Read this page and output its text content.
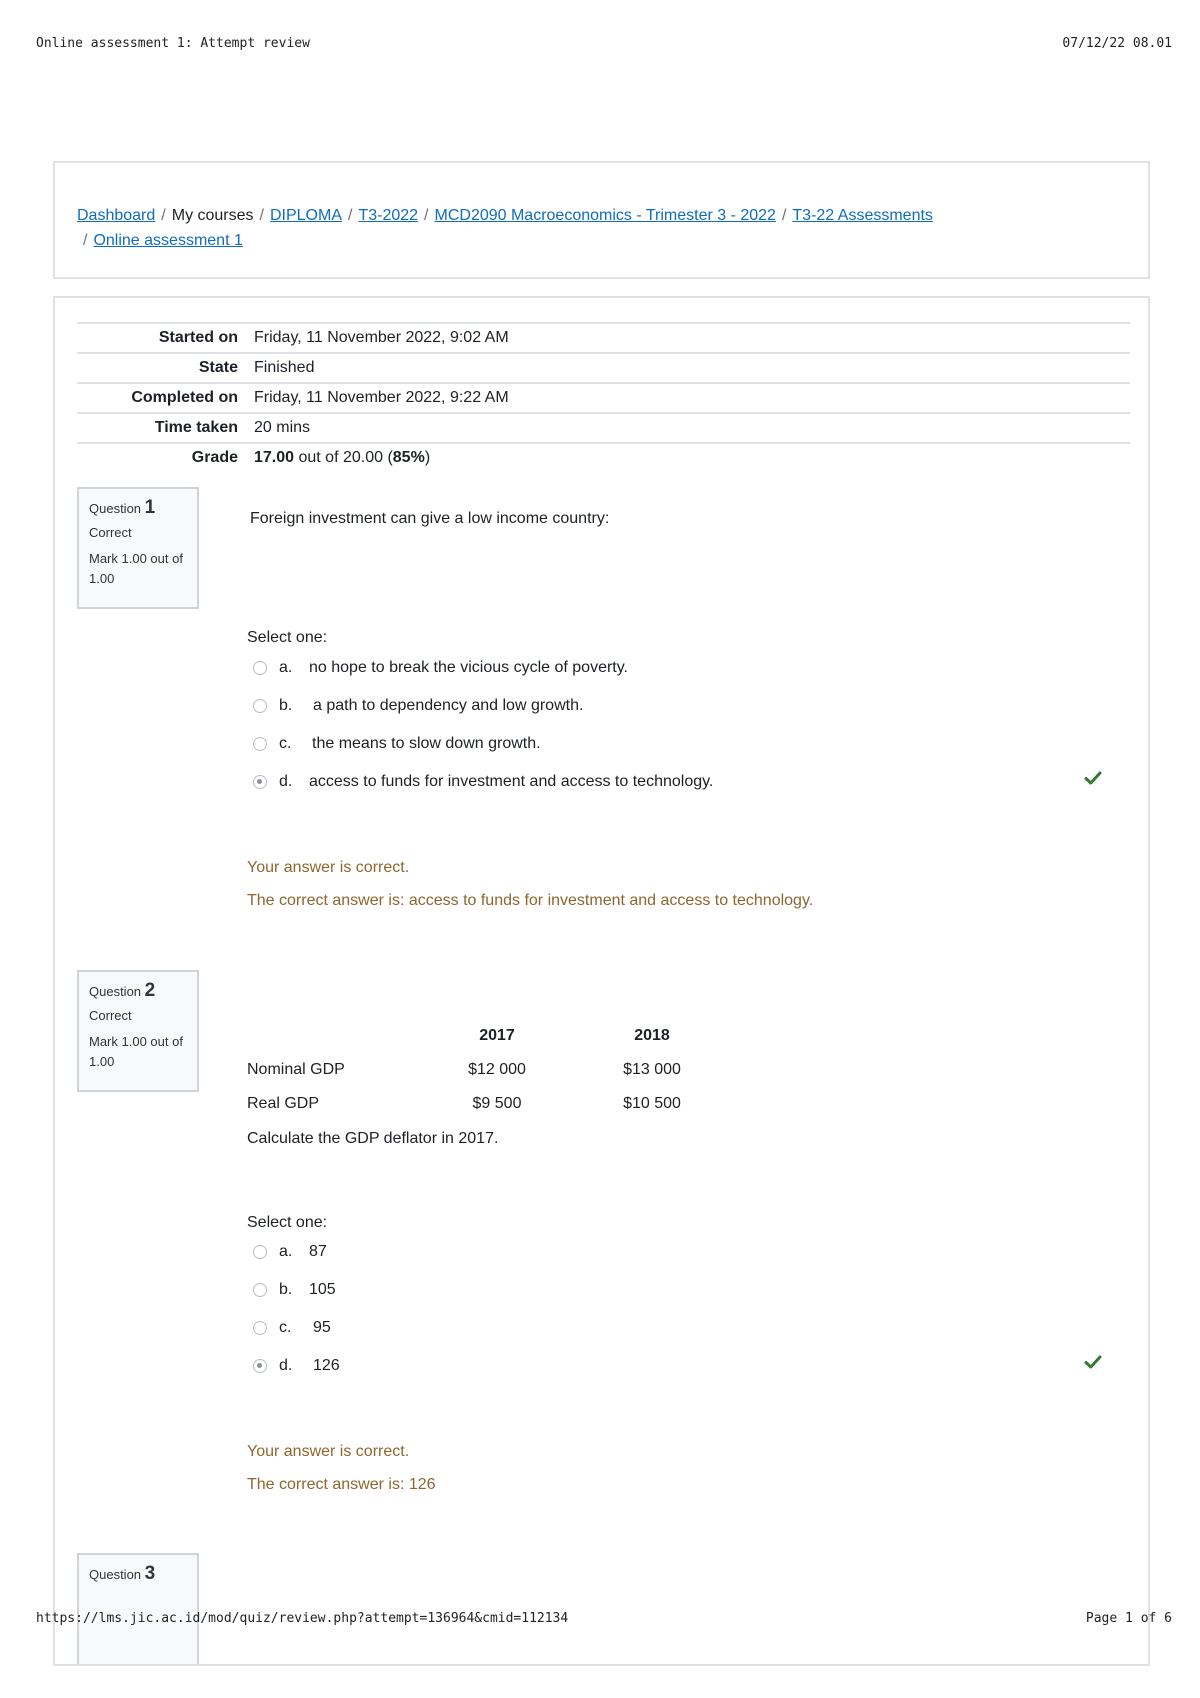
Online assessment 1: Attempt review	07/12/22 08.01
Dashboard / My courses / DIPLOMA / T3-2022 / MCD2090 Macroeconomics - Trimester 3 - 2022 / T3-22 Assessments
/ Online assessment 1
Started on	Friday, 11 November 2022, 9:02 AM
State	Finished
Completed on	Friday, 11 November 2022, 9:22 AM
Time taken	20 mins
Grade	17.00 out of 20.00 (85%)
Question 1
Correct
Mark 1.00 out of 1.00
Foreign investment can give a low income country:
Select one:
a.	no hope to break the vicious cycle of poverty.
b.	a path to dependency and low growth.
c.	the means to slow down growth.
d.	access to funds for investment and access to technology.
Your answer is correct.
The correct answer is: access to funds for investment and access to technology.
Question 2
Correct
Mark 1.00 out of 1.00
	2017	2018
Nominal GDP	$12 000	$13 000
Real GDP	$9 500	$10 500
Calculate the GDP deflator in 2017.
Select one:
a.	87
b.	105
c.	95
d.	126
Your answer is correct.
The correct answer is: 126
Question 3
https://lms.jic.ac.id/mod/quiz/review.php?attempt=136964&cmid=112134	Page 1 of 6
